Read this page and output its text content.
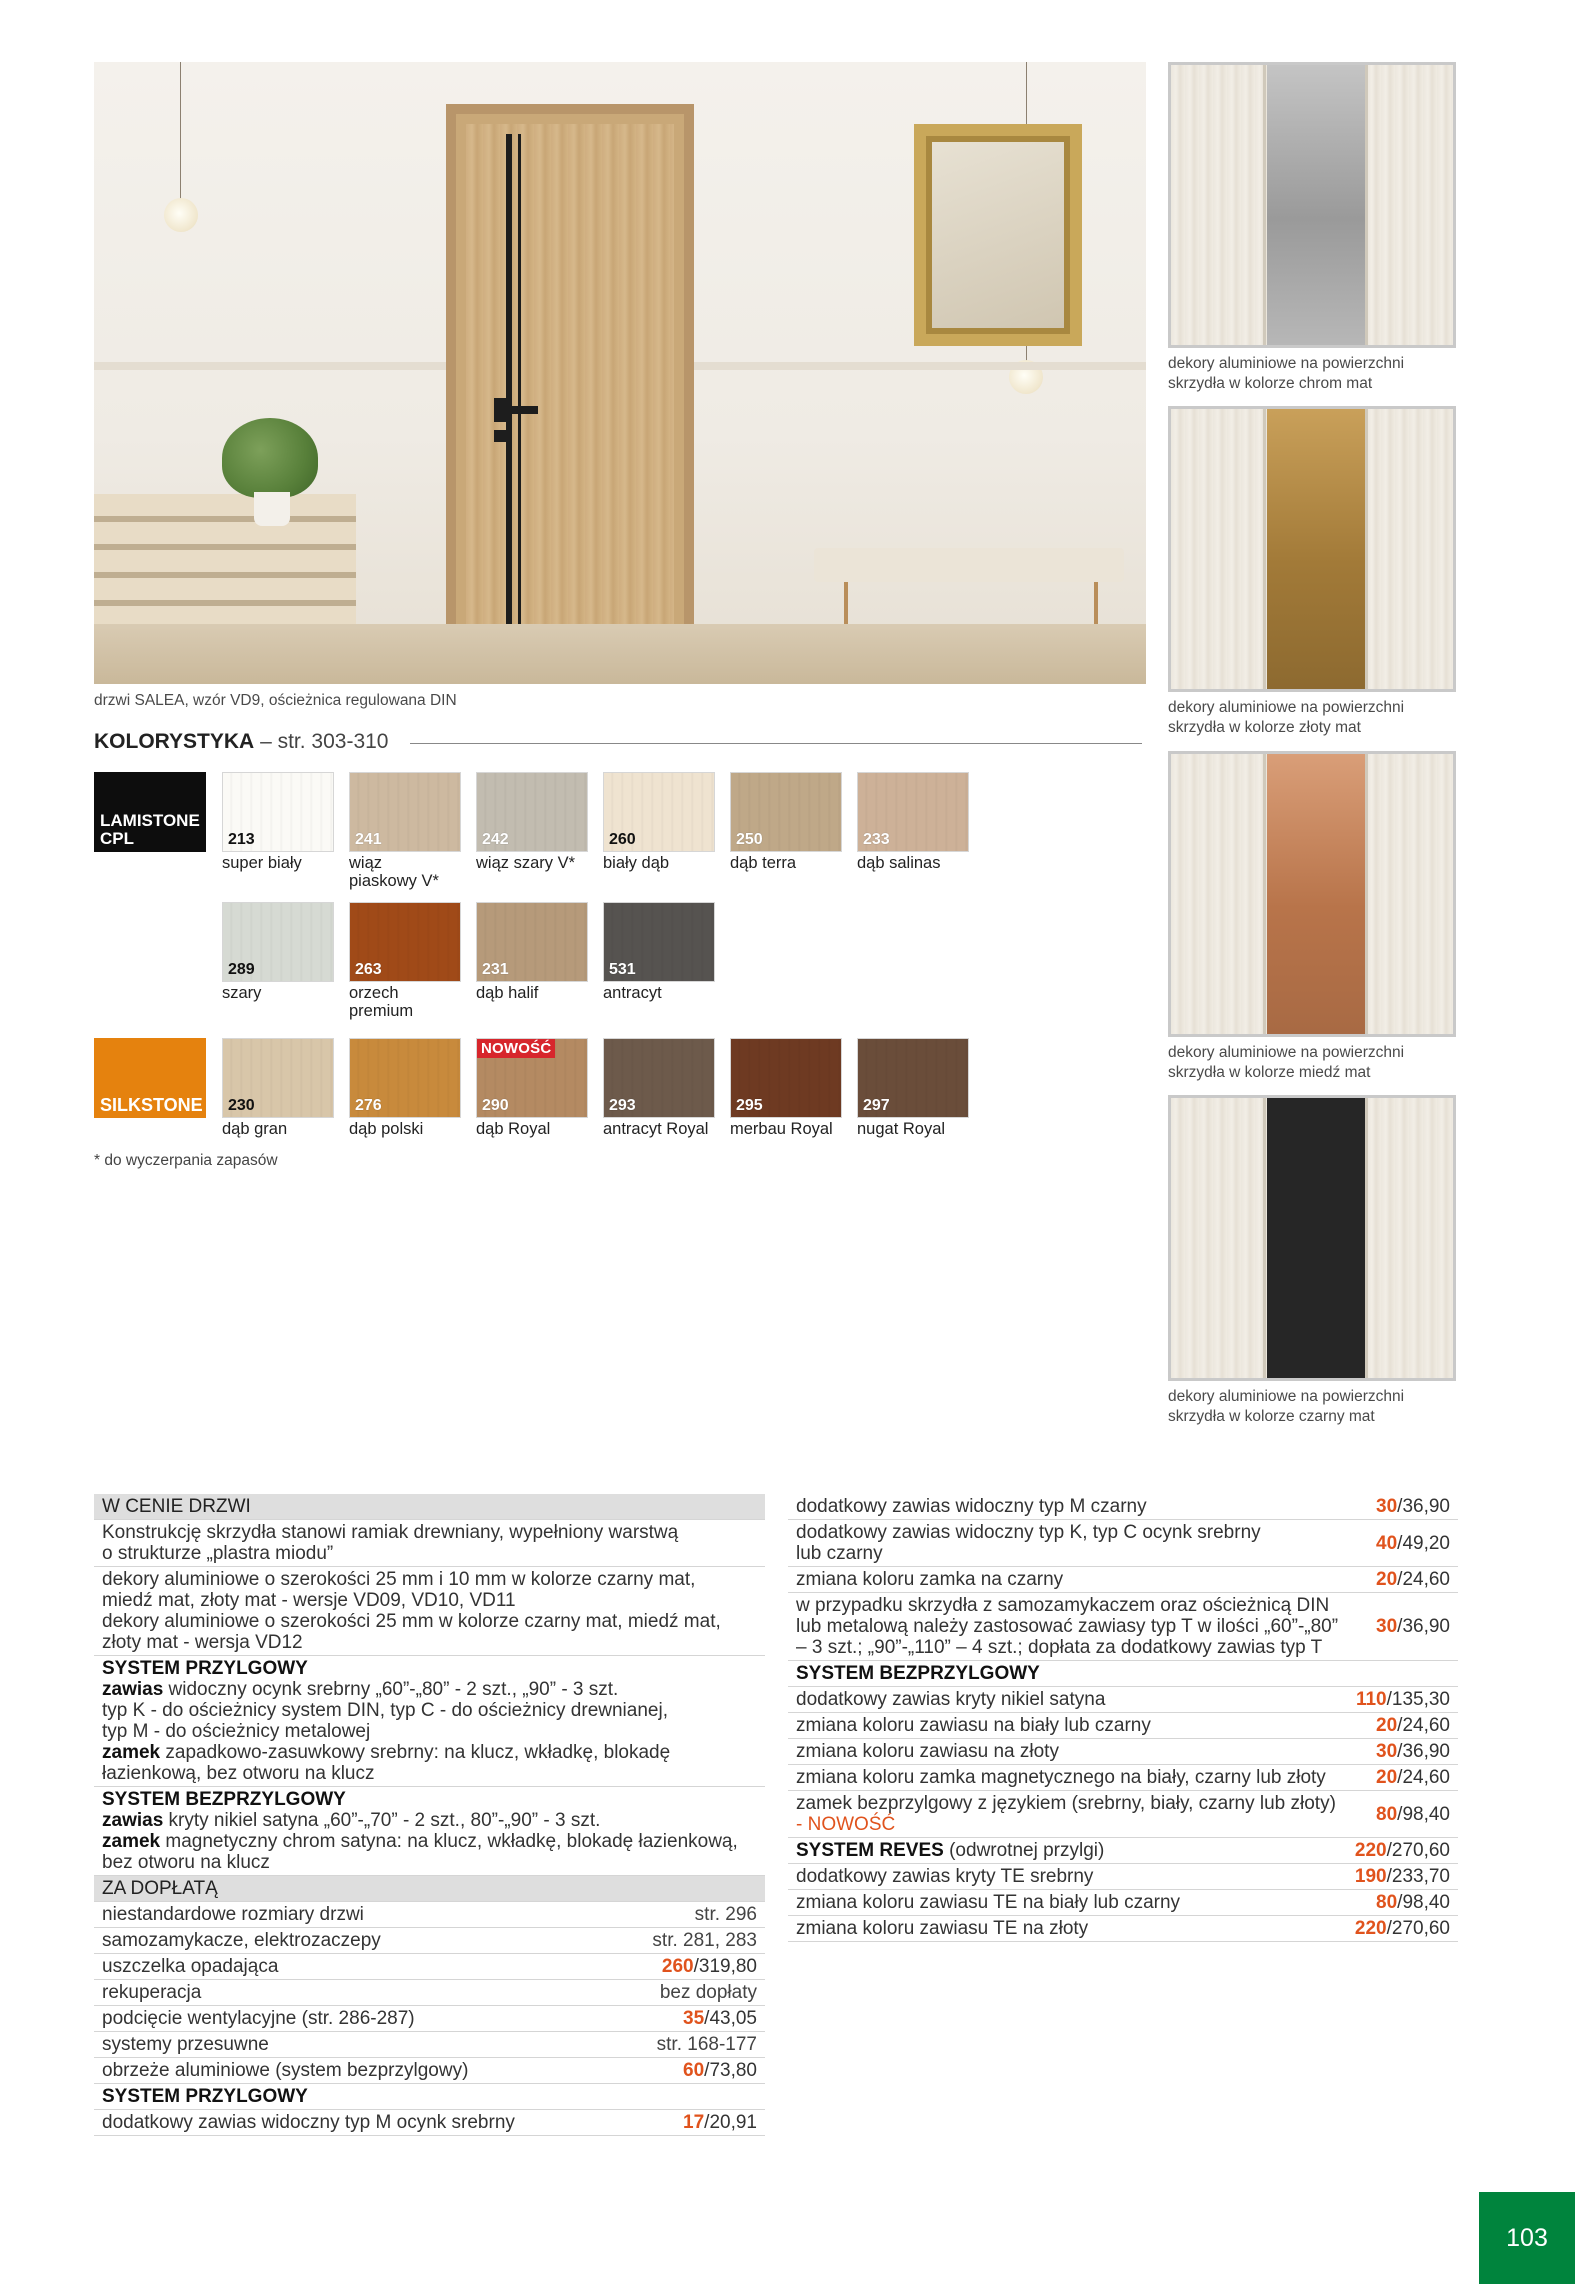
drzwi SALEA, wzór VD9, ościeżnica regulowana DIN
dekory aluminiowe na powierzchni
skrzydła w kolorze chrom mat
dekory aluminiowe na powierzchni
skrzydła w kolorze złoty mat
dekory aluminiowe na powierzchni
skrzydła w kolorze miedź mat
dekory aluminiowe na powierzchni
skrzydła w kolorze czarny mat
KOLORYSTYKA – str. 303-310
LAMISTONE
CPL
SILKSTONE
213
super biały
241
wiąz
piaskowy V*
242
wiąz szary V*
260
biały dąb
250
dąb terra
233
dąb salinas
289
szary
263
orzech
premium
231
dąb halif
531
antracyt
230
dąb gran
276
dąb polski
NOWOŚĆ
290
dąb Royal
293
antracyt Royal
295
merbau Royal
297
nugat Royal
* do wyczerpania zapasów
W CENIE DRZWI
Konstrukcję skrzydła stanowi ramiak drewniany, wypełniony warstwą
o strukturze „plastra miodu”
dekory aluminiowe o szerokości 25 mm i 10 mm w kolorze czarny mat,
miedź mat, złoty mat - wersje VD09, VD10, VD11
dekory aluminiowe o szerokości 25 mm w kolorze czarny mat, miedź mat,
złoty mat - wersja VD12
SYSTEM PRZYLGOWY
zawias widoczny ocynk srebrny „60”-„80” - 2 szt., „90” - 3 szt.
typ K - do ościeżnicy system DIN, typ C - do ościeżnicy drewnianej,
typ M - do ościeżnicy metalowej
zamek zapadkowo-zasuwkowy srebrny: na klucz, wkładkę, blokadę
łazienkową, bez otworu na klucz
SYSTEM BEZPRZYLGOWY
zawias kryty nikiel satyna „60”-„70” - 2 szt., 80”-„90” - 3 szt.
zamek magnetyczny chrom satyna: na klucz, wkładkę, blokadę łazienkową,
bez otworu na klucz
ZA DOPŁATĄ
niestandardowe rozmiary drzwi	str. 296
samozamykacze, elektrozaczepy	str. 281, 283
uszczelka opadająca	260/319,80
rekuperacja	bez dopłaty
podcięcie wentylacyjne (str. 286-287)	35/43,05
systemy przesuwne	str. 168-177
obrzeże aluminiowe (system bezprzylgowy)	60/73,80
SYSTEM PRZYLGOWY
dodatkowy zawias widoczny typ M ocynk srebrny	17/20,91
dodatkowy zawias widoczny typ M czarny	30/36,90
dodatkowy zawias widoczny typ K, typ C ocynk srebrny
lub czarny	40/49,20
zmiana koloru zamka na czarny	20/24,60
w przypadku skrzydła z samozamykaczem oraz ościeżnicą DIN
lub metalową należy zastosować zawiasy typ T w ilości „60”-„80”
– 3 szt.; „90”-„110” – 4 szt.; dopłata za dodatkowy zawias typ T
30/36,90
SYSTEM BEZPRZYLGOWY
dodatkowy zawias kryty nikiel satyna	110/135,30
zmiana koloru zawiasu na biały lub czarny	20/24,60
zmiana koloru zawiasu na złoty	30/36,90
zmiana koloru zamka magnetycznego na biały, czarny lub złoty	20/24,60
zamek bezprzylgowy z językiem (srebrny, biały, czarny lub złoty)
- NOWOŚĆ	80/98,40
SYSTEM REVES (odwrotnej przylgi)	220/270,60
dodatkowy zawias kryty TE srebrny	190/233,70
zmiana koloru zawiasu TE na biały lub czarny	80/98,40
zmiana koloru zawiasu TE na złoty	220/270,60
103
